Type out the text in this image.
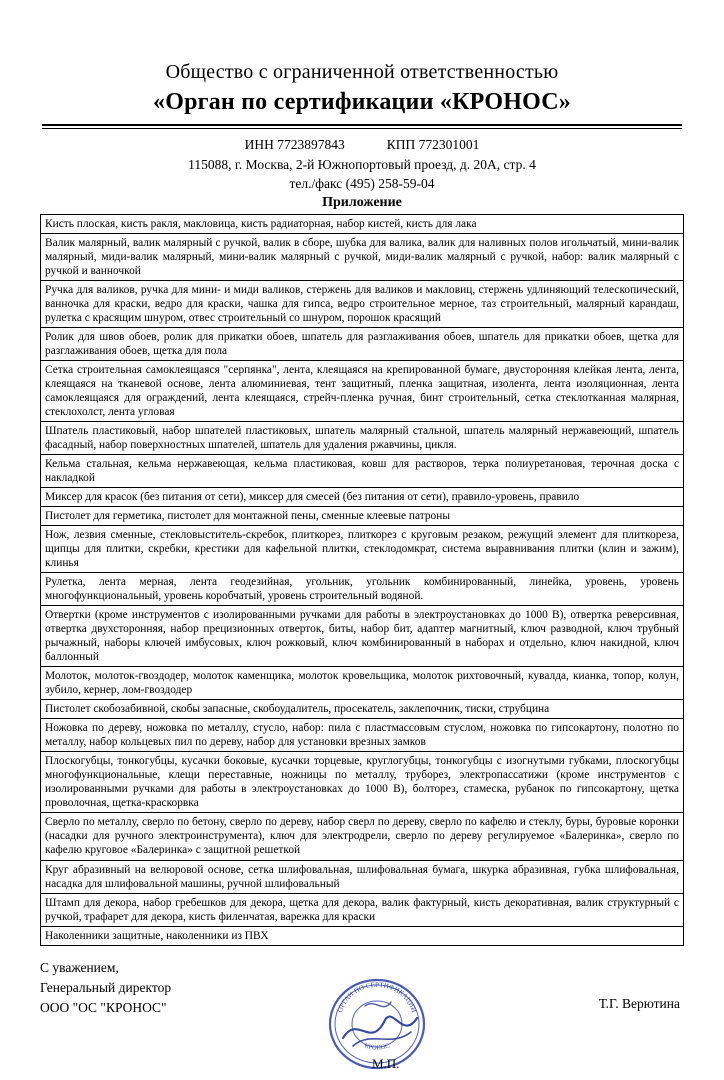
Общество с ограниченной ответственностью
«Орган по сертификации «КРОНОС»
ИНН 7723897843	КПП 772301001
115088, г. Москва, 2-й Южнопортовый проезд, д. 20А, стр. 4
тел./факс (495) 258-59-04
Приложение
Кисть плоская, кисть ракля, макловица, кисть радиаторная, набор кистей, кисть для лака
Валик малярный, валик малярный с ручкой, валик в сборе, шубка для валика, валик для наливных полов игольчатый, мини-валик малярный, миди-валик малярный, мини-валик малярный с ручкой, миди-валик малярный с ручкой, набор: валик малярный с ручкой и ванночкой
Ручка для валиков, ручка для мини- и миди валиков, стержень для валиков и макловиц, стержень удлиняющий телескопический, ванночка для краски, ведро для краски, чашка для гипса, ведро строительное мерное, таз строительный, малярный карандаш, рулетка с красящим шнуром, отвес строительный со шнуром, порошок красящий
Ролик для швов обоев, ролик для прикатки обоев, шпатель для разглаживания обоев, шпатель для прикатки обоев, щетка для разглаживания обоев, щетка для пола
Сетка строительная самоклеящаяся "серпянка", лента, клеящаяся на крепированной бумаге, двусторонняя клейкая лента, лента, клеящаяся на тканевой основе, лента алюминиевая, тент защитный, пленка защитная, изолента, лента изоляционная, лента самоклеящаяся для ограждений, лента клеящаяся, стрейч-пленка ручная, бинт строительный, сетка стеклотканная малярная, стеклохолст, лента угловая
Шпатель пластиковый, набор шпателей пластиковых, шпатель малярный стальной, шпатель малярный нержавеющий, шпатель фасадный, набор поверхностных шпателей, шпатель для удаления ржавчины, цикля.
Кельма стальная, кельма нержавеющая, кельма пластиковая, ковш для растворов, терка полиуретановая, терочная доска с накладкой
Миксер для красок (без питания от сети), миксер для смесей (без питания от сети), правило-уровень, правило
Пистолет для герметика, пистолет для монтажной пены, сменные клеевые патроны
Нож, лезвия сменные, стекловыститель-скребок, плиткорез, плиткорез с круговым резаком, режущий элемент для плиткореза, щипцы для плитки, скребки, крестики для кафельной плитки, стеклодомкрат, система выравнивания плитки (клин и зажим), клинья
Рулетка, лента мерная, лента геодезийная, угольник, угольник комбинированный, линейка, уровень, уровень многофункциональный, уровень коробчатый, уровень строительный водяной.
Отвертки (кроме инструментов с изолированными ручками для работы в электроустановках до 1000 В), отвертка реверсивная, отвертка двухсторонняя, набор прецизионных отверток, биты, набор бит, адаптер магнитный, ключ разводной, ключ трубный рычажный, наборы ключей имбусовых, ключ рожковый, ключ комбинированный в наборах и отдельно, ключ накидной, ключ баллонный
Молоток, молоток-гвоздодер, молоток каменщика, молоток кровельщика, молоток рихтовочный, кувалда, кианка, топор, колун, зубило, кернер, лом-гвоздодер
Пистолет скобозабивной, скобы запасные, скобоудалитель, просекатель, заклепочник, тиски, струбцина
Ножовка по дереву, ножовка по металлу, стусло, набор: пила с пластмассовым стуслом, ножовка по гипсокартону, полотно по металлу, набор кольцевых пил по дереву, набор для установки врезных замков
Плоскогубцы, тонкогубцы, кусачки боковые, кусачки торцевые, круглогубцы, тонкогубцы с изогнутыми губками, плоскогубцы многофункциональные, клещи переставные, ножницы по металлу, труборез, электропассатижи (кроме инструментов с изолированными ручками для работы в электроустановках до 1000 В), болторез, стамеска, рубанок по гипсокартону, щетка проволочная, щетка-краскорвка
Сверло по металлу, сверло по бетону, сверло по дереву, набор сверл по дереву, сверло по кафелю и стеклу, буры, буровые коронки (насадки для ручного электроинструмента), ключ для электродрели, сверло по дереву регулируемое «Балеринка», сверло по кафелю круговое «Балеринка» с защитной решеткой
Круг абразивный на велюровой основе, сетка шлифовальная, шлифовальная бумага, шкурка абразивная, губка шлифовальная, насадка для шлифовальной машины, ручной шлифовальный
Штамп для декора, набор гребешков для декора, щетка для декора, валик фактурный, кисть декоративная, валик структурный с ручкой, трафарет для декора, кисть филенчатая, варежка для краски
Наколенники защитные, наколенники из ПВХ
С уважением,
Генеральный директор
ООО "ОС "КРОНОС"	Т.Г. Верютина
ОРГАН ПО СЕРТИФИКАЦИИ
КРОНОС
М.П.
